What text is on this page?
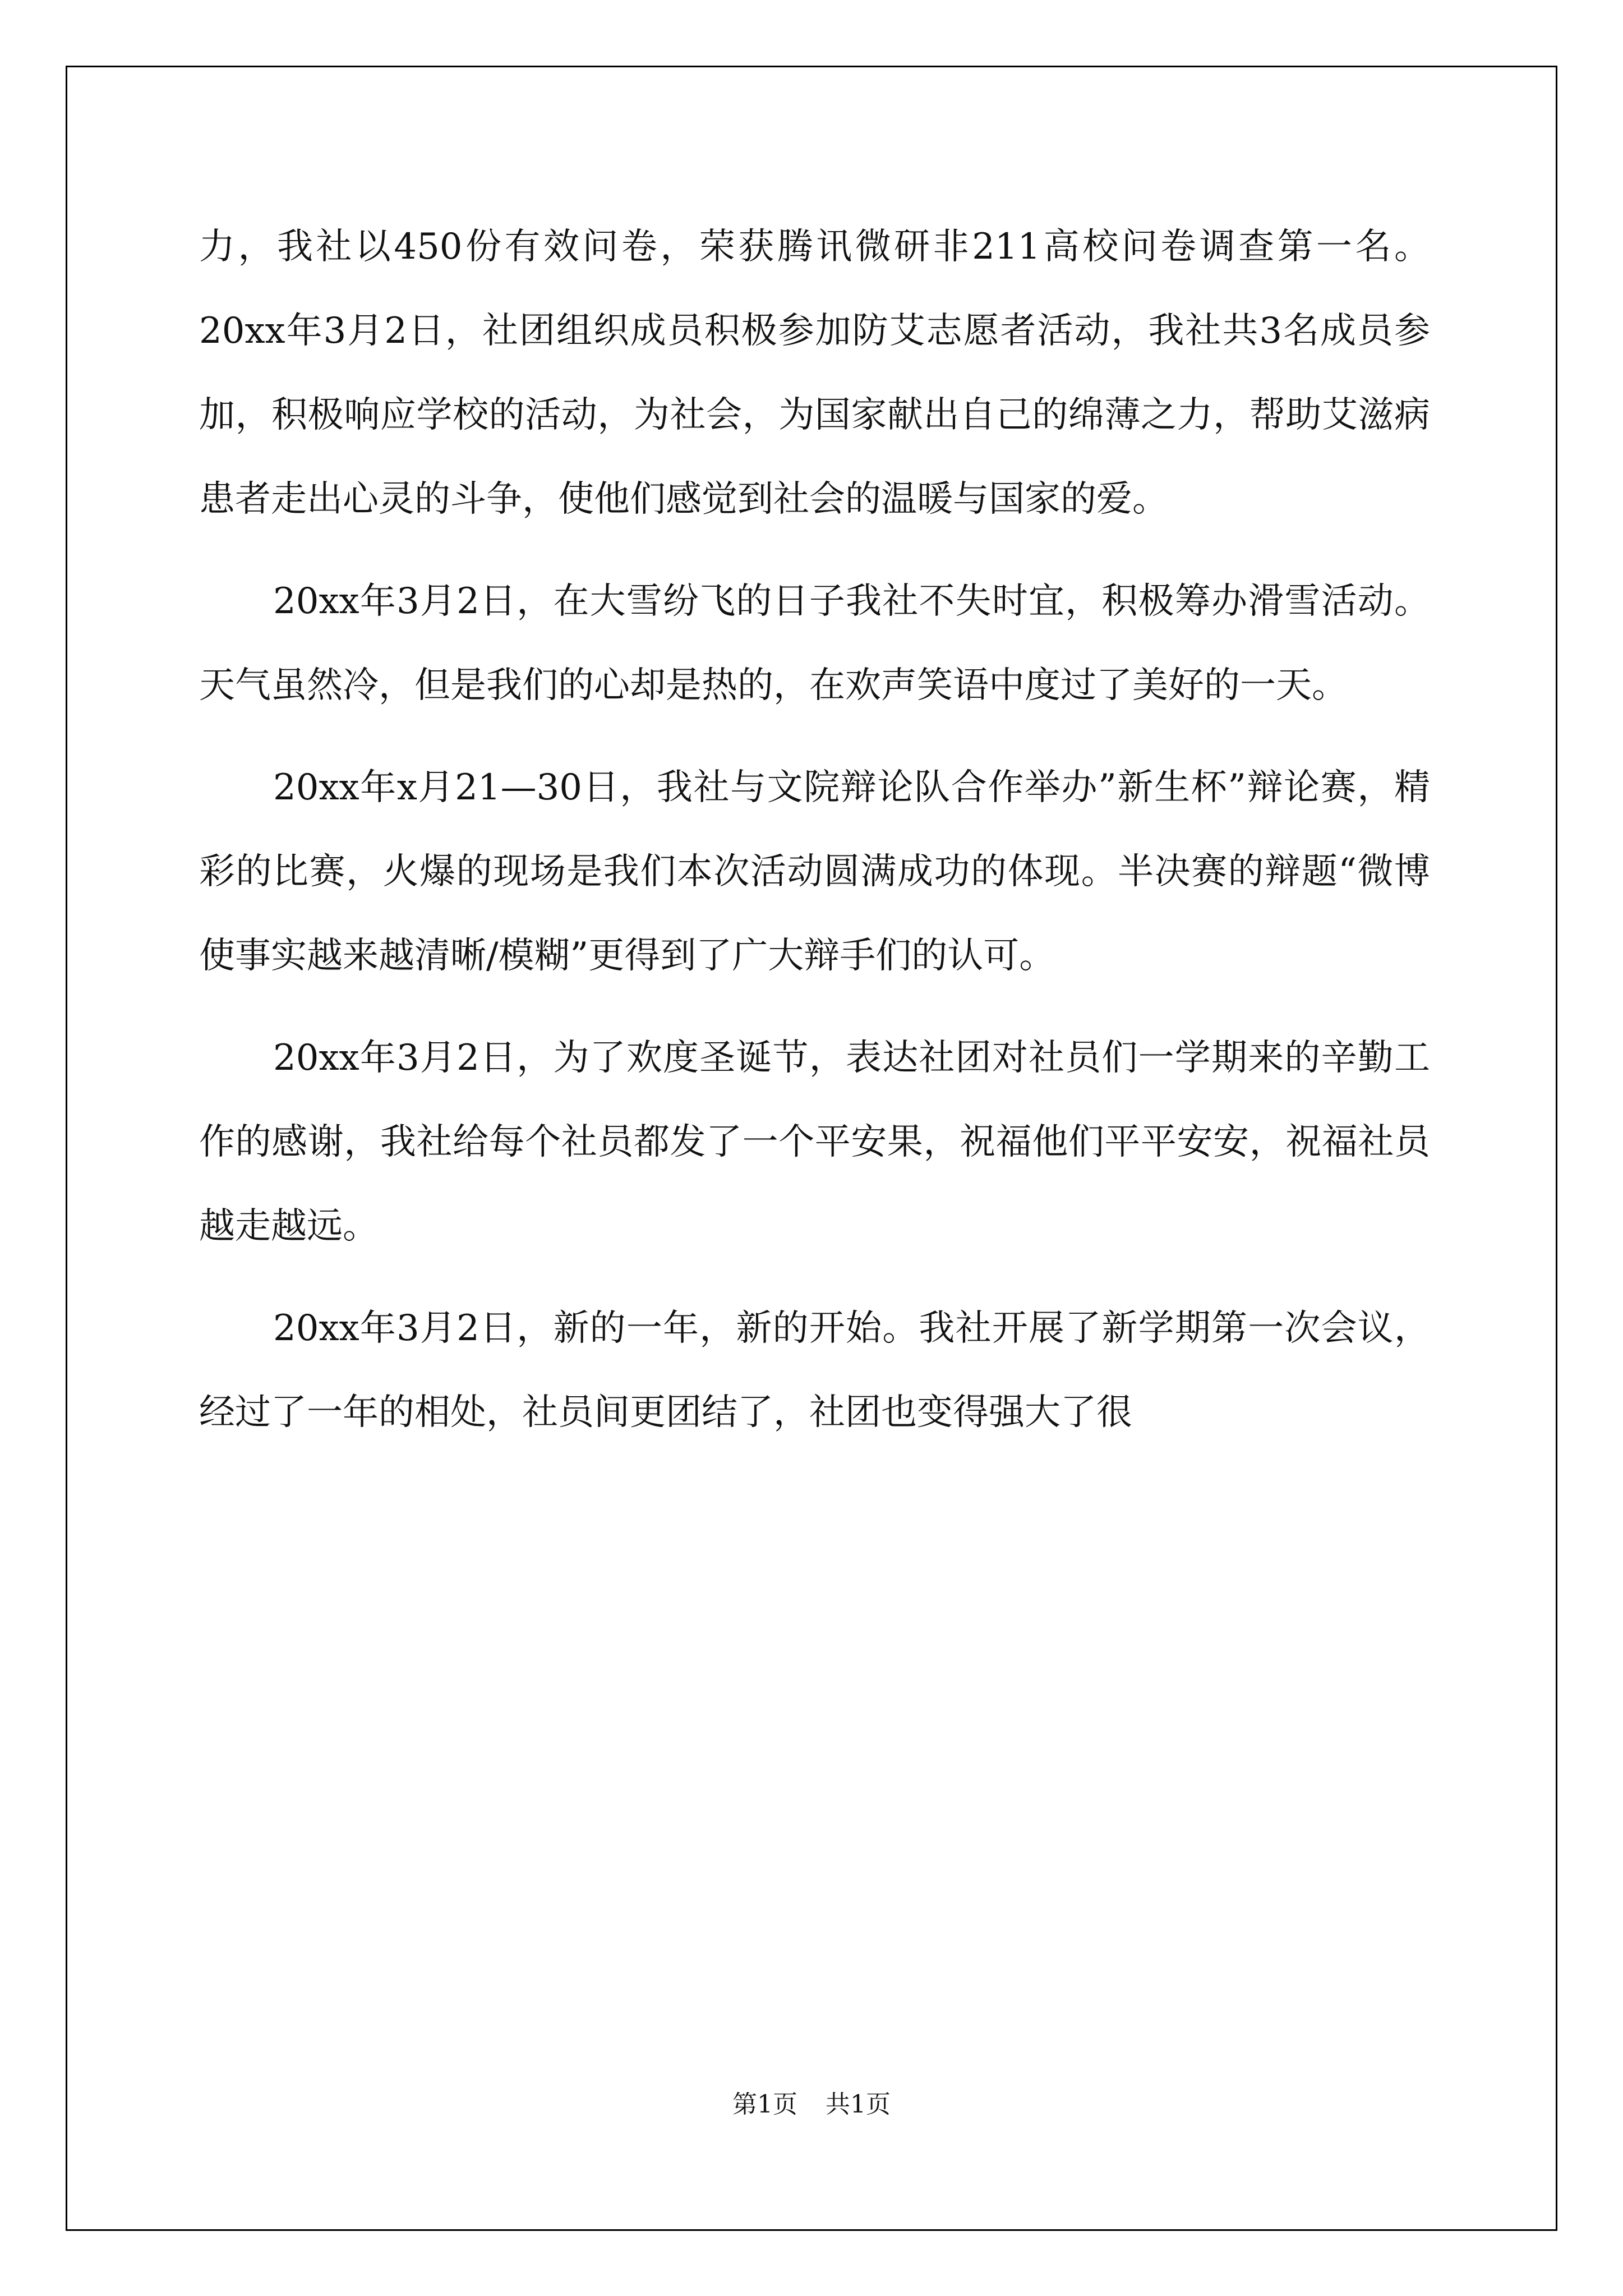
力，我社以450份有效问卷，荣获腾讯微研非211高校问卷调查第一名。 20xx年3月2日，社团组织成员积极参加防艾志愿者活动，我社共3名成员参加，积极响应学校的活动，为社会，为国家献出自己的绵薄之力，帮助艾滋病患者走出心灵的斗争，使他们感觉到社会的温暖与国家的爱。

20xx年3月2日，在大雪纷飞的日子我社不失时宜，积极筹办滑雪活动。天气虽然冷，但是我们的心却是热的，在欢声笑语中度过了美好的一天。

20xx年x月21—30日，我社与文院辩论队合作举办”新生杯”辩论赛，精彩的比赛，火爆的现场是我们本次活动圆满成功的体现。半决赛的辩题“微博使事实越来越清晰/模糊”更得到了广大辩手们的认可。

20xx年3月2日，为了欢度圣诞节，表达社团对社员们一学期来的辛勤工作的感谢，我社给每个社员都发了一个平安果，祝福他们平平安安，祝福社员越走越远。

20xx年3月2日，新的一年，新的开始。我社开展了新学期第一次会议，经过了一年的相处，社员间更团结了，社团也变得强大了很

第1页 共1页
